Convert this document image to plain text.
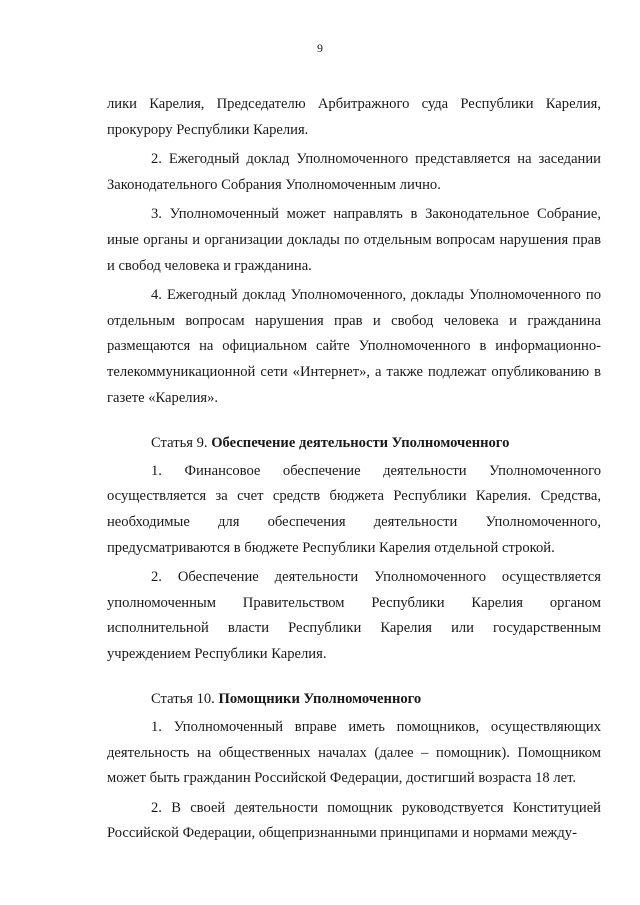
9

лики Карелия, Председателю Арбитражного суда Республики Карелия, прокурору Республики Карелия.

2. Ежегодный доклад Уполномоченного представляется на заседании Законодательного Собрания Уполномоченным лично.

3. Уполномоченный может направлять в Законодательное Собрание, иные органы и организации доклады по отдельным вопросам нарушения прав и свобод человека и гражданина.

4. Ежегодный доклад Уполномоченного, доклады Уполномоченного по отдельным вопросам нарушения прав и свобод человека и гражданина размещаются на официальном сайте Уполномоченного в информационно-телекоммуникационной сети «Интернет», а также подлежат опубликованию в газете «Карелия».

Статья 9. Обеспечение деятельности Уполномоченного

1. Финансовое обеспечение деятельности Уполномоченного осуществляется за счет средств бюджета Республики Карелия. Средства, необходимые для обеспечения деятельности Уполномоченного, предусматриваются в бюджете Республики Карелия отдельной строкой.

2. Обеспечение деятельности Уполномоченного осуществляется уполномоченным Правительством Республики Карелия органом исполнительной власти Республики Карелия или государственным учреждением Республики Карелия.

Статья 10. Помощники Уполномоченного

1. Уполномоченный вправе иметь помощников, осуществляющих деятельность на общественных началах (далее – помощник). Помощником может быть гражданин Российской Федерации, достигший возраста 18 лет.

2. В своей деятельности помощник руководствуется Конституцией Российской Федерации, общепризнанными принципами и нормами между-
